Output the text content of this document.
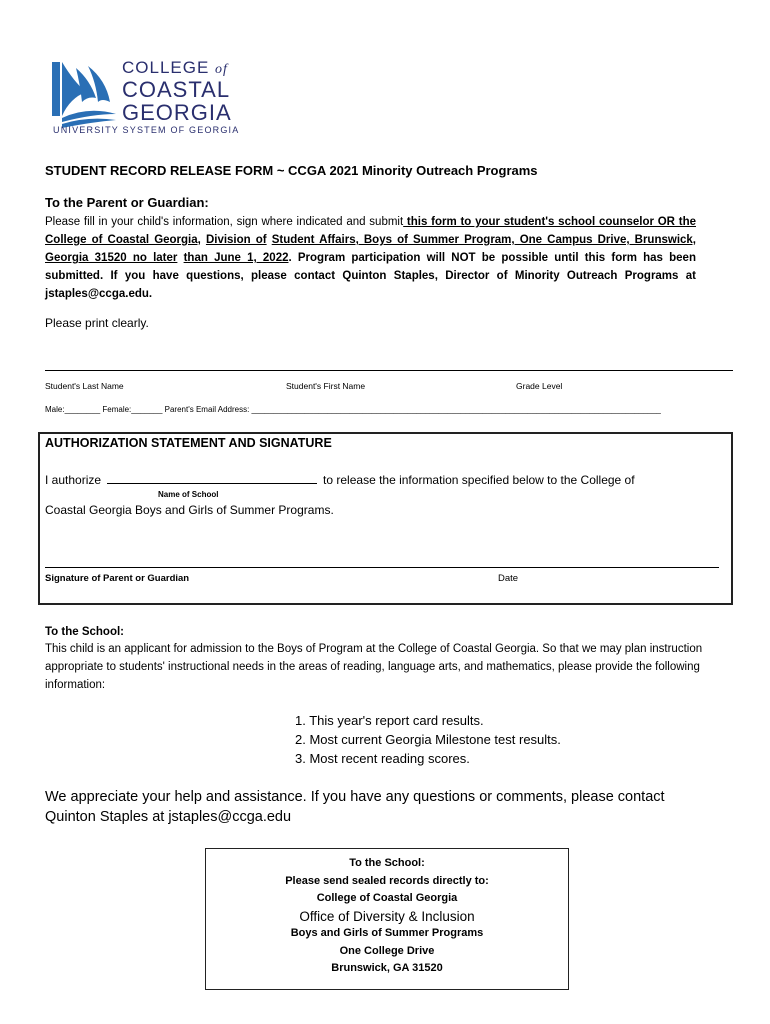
COLLEGE of
COASTAL
GEORGIA
UNIVERSITY SYSTEM OF GEORGIA
STUDENT RECORD RELEASE FORM ~ CCGA 2021 Minority Outreach Programs
To the Parent or Guardian:
Please fill in your child's information, sign where indicated and submit this form to your student's school counselor OR the College of Coastal Georgia, Division of Student Affairs, Boys of Summer Program, One Campus Drive, Brunswick, Georgia 31520 no later than June 1, 2022. Program participation will NOT be possible until this form has been submitted. If you have questions, please contact Quinton Staples, Director of Minority Outreach Programs at jstaples@ccga.edu.
Please print clearly.
Student's Last Name	Student's First Name	Grade Level
Male:________ Female:_______ Parent's Email Address: ____________________________________________________________________________________________
AUTHORIZATION STATEMENT AND SIGNATURE
I authorize	to release the information specified below to the College of
Name of School
Coastal Georgia Boys and Girls of Summer Programs.
Signature of Parent or Guardian	Date
To the School:
This child is an applicant for admission to the Boys of Program at the College of Coastal Georgia. So that we may plan instruction appropriate to students' instructional needs in the areas of reading, language arts, and mathematics, please provide the following information:
1. This year's report card results.
2. Most current Georgia Milestone test results.
3. Most recent reading scores.
We appreciate your help and assistance. If you have any questions or comments, please contact Quinton Staples at jstaples@ccga.edu
To the School:
Please send sealed records directly to:
College of Coastal Georgia
Office of Diversity & Inclusion
Boys and Girls of Summer Programs
One College Drive
Brunswick, GA 31520
